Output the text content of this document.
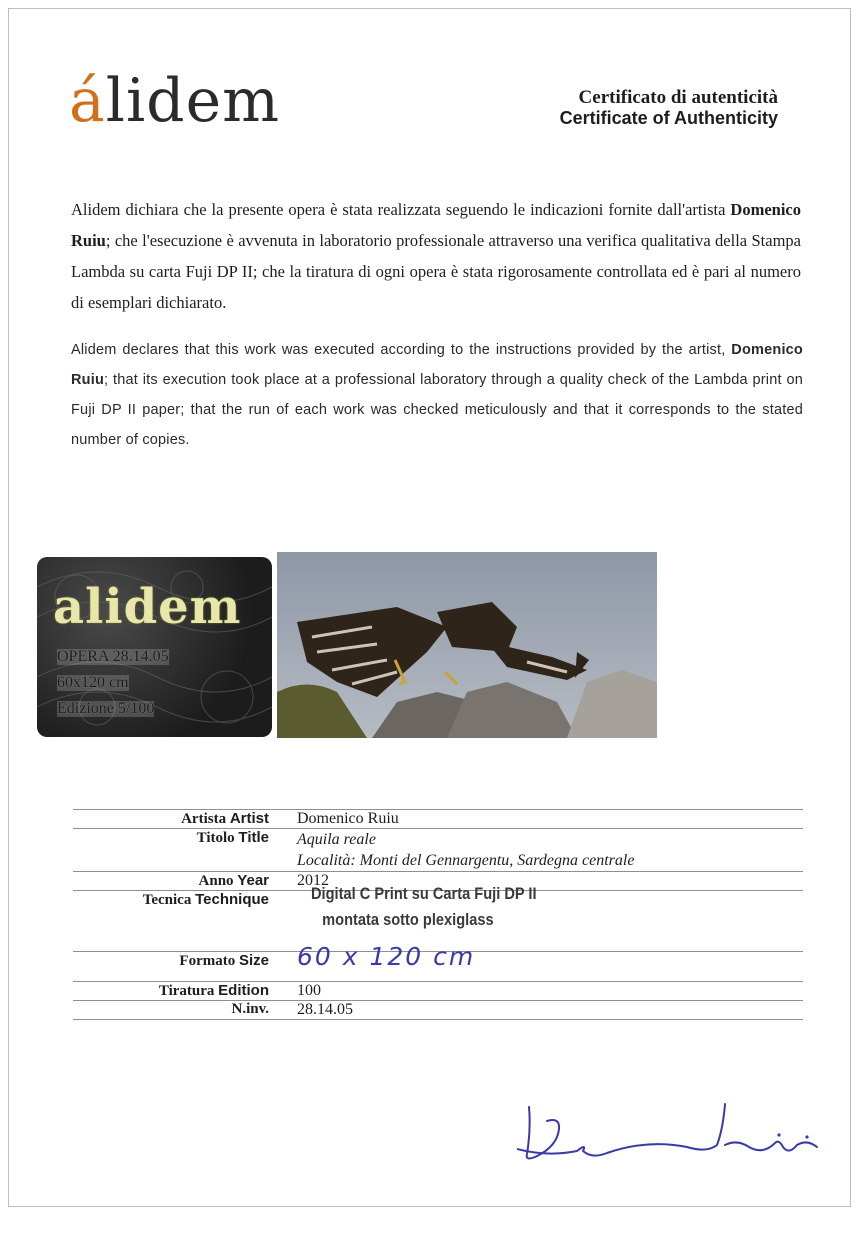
álidem	Certificato di autenticità
Certificate of Authenticity

Alidem dichiara che la presente opera è stata realizzata seguendo le indicazioni fornite dall'artista Domenico Ruiu; che l'esecuzione è avvenuta in laboratorio professionale attraverso una verifica qualitativa della Stampa Lambda su carta Fuji DP II; che la tiratura di ogni opera è stata rigorosamente controllata ed è pari al numero di esemplari dichiarato.

Alidem declares that this work was executed according to the instructions provided by the artist, Domenico Ruiu; that its execution took place at a professional laboratory through a quality check of the Lambda print on Fuji DP II paper; that the run of each work was checked meticulously and that it corresponds to the stated number of copies.

alidem
OPERA 28.14.05
60x120 cm
Edizione 5/100
Artista Artist	Domenico Ruiu
Titolo Title	Aquila reale
Località: Monti del Gennargentu, Sardegna centrale

Anno Year	2012
Tecnica Technique	Digital C Print su Carta Fuji DP II
montata sotto plexiglass

Formato Size	60 x 120 cm
Tiratura Edition	100
N.inv.	28.14.05
